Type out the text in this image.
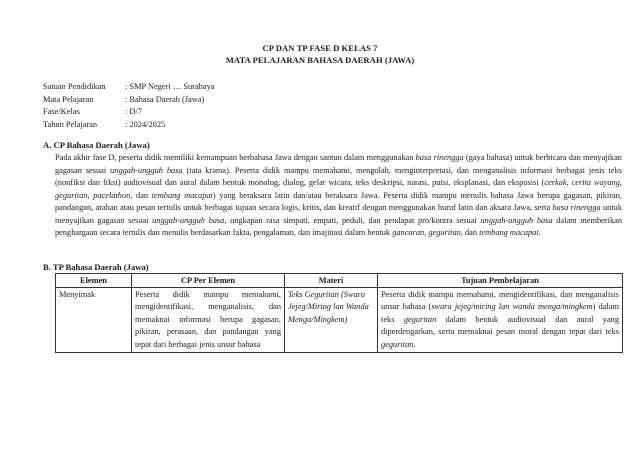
CP DAN TP FASE D KELAS 7
MATA PELAJARAN BAHASA DAERAH (JAWA)
Satuan Pendidikan	: SMP Negeri … Surabaya
Mata Pelajaran	: Bahasa Daerah (Jawa)
Fase/Kelas	: D/7
Tahun Pelajaran	: 2024/2025
A. CP Bahasa Daerah (Jawa)
Pada akhir fase D, peserta didik memiliki kemampuan berbahasa Jawa dengan santun dalam menggunakan basa rinengga (gaya bahasa) untuk berbicara dan menyajikan gagasan sesuai unggah-ungguh basa (tata krama). Peserta didik mampu memahami, mengolah, menginterpretasi, dan menganalisis informasi berbagai jenis teks (nonfiksi dan fiksi) audiovisual dan aural dalam bentuk monolog, dialog, gelar wicara, teks deskripsi, narasi, puisi, eksplanasi, dan eksposisi (cerkak, cerita wayang, geguritan, pacelathon, dan tembang macapat) yang beraksara latin dan/atau beraksara Jawa. Peserta didik mampu menulis bahasa Jawa berupa gagasan, pikiran, pandangan, arahan atau pesan tertulis untuk berbagai tujuan secara logis, kritis, dan kreatif dengan menggunakan huruf latin dan aksara Jawa, serta basa rinengga untuk menyajikan gagasan sesuai unggah-ungguh basa, ungkapan rasa simpati, empati, peduli, dan pendapat pro/kontra sesuai unggah-ungguh basa dalam memberikan penghargaan secara tertulis dan menulis berdasarkan fakta, pengalaman, dan imajinasi dalam bentuk gancaran, geguritan, dan tembang macapat.
B. TP Bahasa Daerah (Jawa)
Elemen	CP Per Elemen	Materi	Tujuan Pembelajaran
Menyimak	Peserta didik mampu memahami, mengidentifikasi, menganalisis, dan memaknai informasi berupa gagasan, pikiran, perasaan, dan pandangan yang tepat dari berbagai jenis unsur bahasa	Teks Geguritan (Swara Jejeg/Miring lan Wanda Menga/Mingkem)	Peserta didik mampu memahami, mengidentifikasi, dan menganalisis unsur bahasa (swara jejeg/miring lan wanda menga/mingkem) dalam teks geguritan dalam bentuk audiovisual dan aural yang diperdengarkan, serta memaknai pesan moral dengan tepat dari teks geguritan.
